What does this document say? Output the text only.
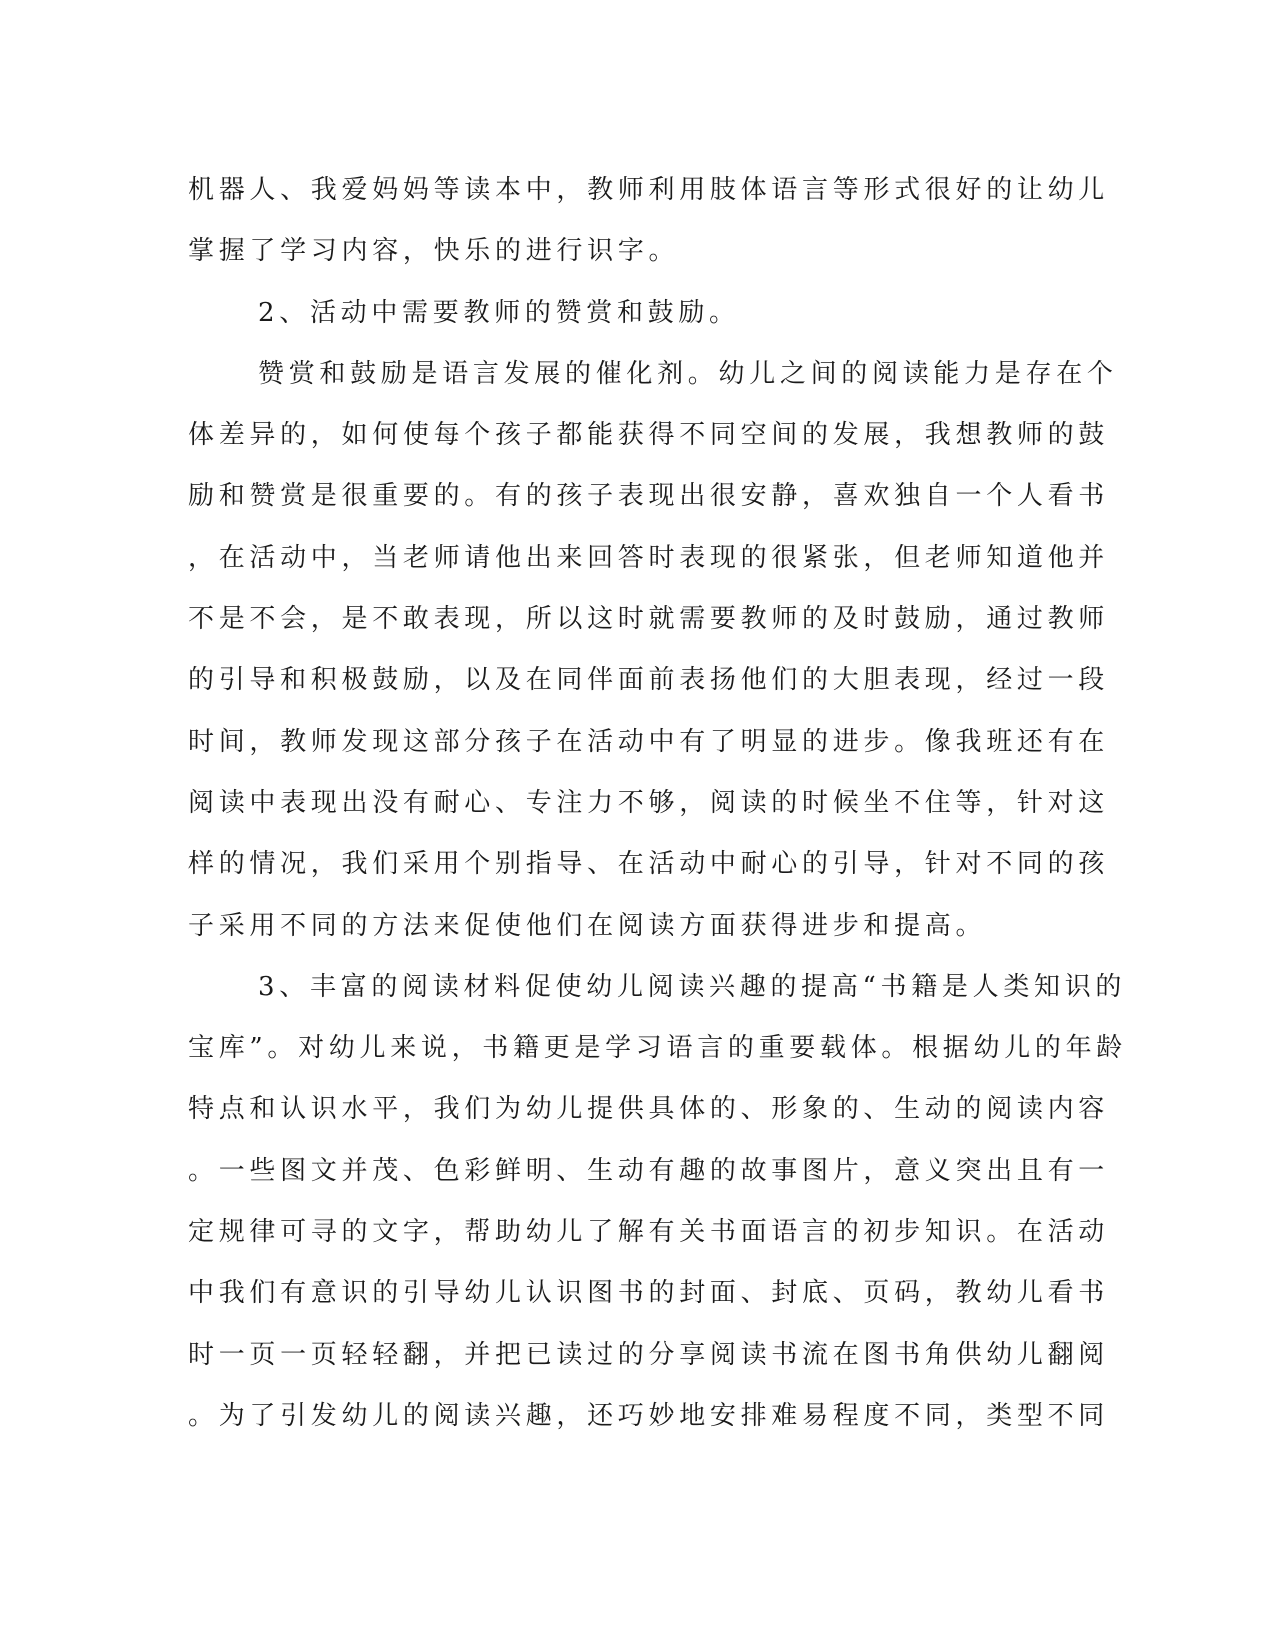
机器人、我爱妈妈等读本中，教师利用肢体语言等形式很好的让幼儿
掌握了学习内容，快乐的进行识字。
2、活动中需要教师的赞赏和鼓励。
赞赏和鼓励是语言发展的催化剂。幼儿之间的阅读能力是存在个
体差异的，如何使每个孩子都能获得不同空间的发展，我想教师的鼓
励和赞赏是很重要的。有的孩子表现出很安静，喜欢独自一个人看书
，在活动中，当老师请他出来回答时表现的很紧张，但老师知道他并
不是不会，是不敢表现，所以这时就需要教师的及时鼓励，通过教师
的引导和积极鼓励，以及在同伴面前表扬他们的大胆表现，经过一段
时间，教师发现这部分孩子在活动中有了明显的进步。像我班还有在
阅读中表现出没有耐心、专注力不够，阅读的时候坐不住等，针对这
样的情况，我们采用个别指导、在活动中耐心的引导，针对不同的孩
子采用不同的方法来促使他们在阅读方面获得进步和提高。
3、丰富的阅读材料促使幼儿阅读兴趣的提高“书籍是人类知识的
宝库”。对幼儿来说，书籍更是学习语言的重要载体。根据幼儿的年龄
特点和认识水平，我们为幼儿提供具体的、形象的、生动的阅读内容
。一些图文并茂、色彩鲜明、生动有趣的故事图片，意义突出且有一
定规律可寻的文字，帮助幼儿了解有关书面语言的初步知识。在活动
中我们有意识的引导幼儿认识图书的封面、封底、页码，教幼儿看书
时一页一页轻轻翻，并把已读过的分享阅读书流在图书角供幼儿翻阅
。为了引发幼儿的阅读兴趣，还巧妙地安排难易程度不同，类型不同
